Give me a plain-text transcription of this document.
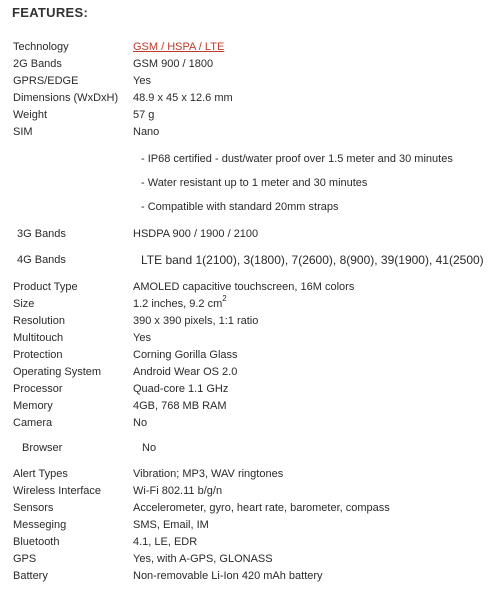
FEATURES:
Technology	GSM / HSPA / LTE
2G Bands	GSM 900 / 1800
GPRS/EDGE	Yes
Dimensions (WxDxH) 48.9 x 45 x 12.6 mm
Weight	57 g
SIM	Nano
- IP68 certified - dust/water proof over 1.5 meter and 30 minutes
- Water resistant up to 1 meter and 30 minutes
- Compatible with standard 20mm straps
3G Bands	HSDPA 900 / 1900 / 2100
4G Bands	LTE band 1(2100), 3(1800), 7(2600), 8(900), 39(1900), 41(2500)
Product Type	AMOLED capacitive touchscreen, 16M colors
Size	1.2 inches, 9.2 $cm^2$
Resolution	390 x 390 pixels, 1:1 ratio
Multitouch	Yes
Protection	Corning Gorilla Glass
Operating System	Android Wear OS 2.0
Processor	Quad-core 1.1 GHz
Memory	4GB, 768 MB RAM
Camera	No
Browser	No
Alert Types	Vibration; MP3, WAV ringtones
Wireless Interface	Wi-Fi 802.11 b/g/n
Sensors	Accelerometer, gyro, heart rate, barometer, compass
Messeging	SMS, Email, IM
Bluetooth	4.1, LE, EDR
GPS	Yes, with A-GPS, GLONASS
Battery	Non-removable Li-Ion 420 mAh battery
